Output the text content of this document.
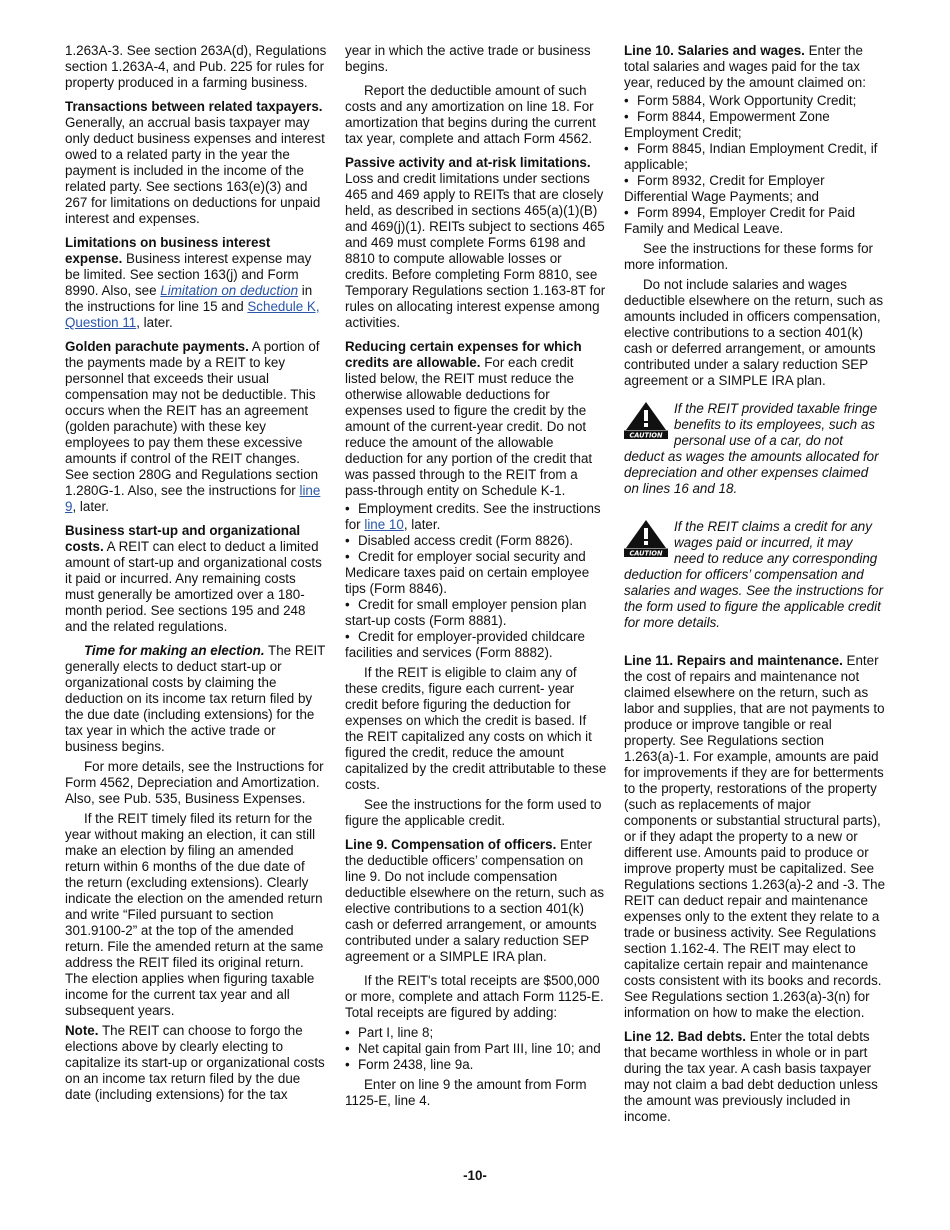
1.263A-3. See section 263A(d), Regulations section 1.263A-4, and Pub. 225 for rules for property produced in a farming business.

Transactions between related taxpayers. Generally, an accrual basis taxpayer may only deduct business expenses and interest owed to a related party in the year the payment is included in the income of the related party. See sections 163(e)(3) and 267 for limitations on deductions for unpaid interest and expenses.

Limitations on business interest expense. Business interest expense may be limited. See section 163(j) and Form 8990. Also, see Limitation on deduction in the instructions for line 15 and Schedule K, Question 11, later.

Golden parachute payments. A portion of the payments made by a REIT to key personnel that exceeds their usual compensation may not be deductible. This occurs when the REIT has an agreement (golden parachute) with these key employees to pay them these excessive amounts if control of the REIT changes. See section 280G and Regulations section 1.280G-1. Also, see the instructions for line 9, later.

Business start-up and organizational costs. A REIT can elect to deduct a limited amount of start-up and organizational costs it paid or incurred. Any remaining costs must generally be amortized over a 180-month period. See sections 195 and 248 and the related regulations.

Time for making an election. The REIT generally elects to deduct start-up or organizational costs by claiming the deduction on its income tax return filed by the due date (including extensions) for the tax year in which the active trade or business begins.

For more details, see the Instructions for Form 4562, Depreciation and Amortization. Also, see Pub. 535, Business Expenses.

If the REIT timely filed its return for the year without making an election, it can still make an election by filing an amended return within 6 months of the due date of the return (excluding extensions). Clearly indicate the election on the amended return and write “Filed pursuant to section 301.9100-2” at the top of the amended return. File the amended return at the same address the REIT filed its original return. The election applies when figuring taxable income for the current tax year and all subsequent years.

Note. The REIT can choose to forgo the elections above by clearly electing to capitalize its start-up or organizational costs on an income tax return filed by the due date (including extensions) for the tax

year in which the active trade or business begins.

Report the deductible amount of such costs and any amortization on line 18. For amortization that begins during the current tax year, complete and attach Form 4562.

Passive activity and at-risk limitations. Loss and credit limitations under sections 465 and 469 apply to REITs that are closely held, as described in sections 465(a)(1)(B) and 469(j)(1). REITs subject to sections 465 and 469 must complete Forms 6198 and 8810 to compute allowable losses or credits. Before completing Form 8810, see Temporary Regulations section 1.163-8T for rules on allocating interest expense among activities.

Reducing certain expenses for which credits are allowable. For each credit listed below, the REIT must reduce the otherwise allowable deductions for expenses used to figure the credit by the amount of the current-year credit. Do not reduce the amount of the allowable deduction for any portion of the credit that was passed through to the REIT from a pass-through entity on Schedule K-1.

• Employment credits. See the instructions for line 10, later.
• Disabled access credit (Form 8826).
• Credit for employer social security and Medicare taxes paid on certain employee tips (Form 8846).
• Credit for small employer pension plan start-up costs (Form 8881).
• Credit for employer-provided childcare facilities and services (Form 8882).

If the REIT is eligible to claim any of these credits, figure each current- year credit before figuring the deduction for expenses on which the credit is based. If the REIT capitalized any costs on which it figured the credit, reduce the amount capitalized by the credit attributable to these costs.

See the instructions for the form used to figure the applicable credit.

Line 9. Compensation of officers. Enter the deductible officers’ compensation on line 9. Do not include compensation deductible elsewhere on the return, such as elective contributions to a section 401(k) cash or deferred arrangement, or amounts contributed under a salary reduction SEP agreement or a SIMPLE IRA plan.

If the REIT's total receipts are $500,000 or more, complete and attach Form 1125-E. Total receipts are figured by adding:

• Part I, line 8;
• Net capital gain from Part III, line 10; and
• Form 2438, line 9a.

Enter on line 9 the amount from Form 1125-E, line 4.

Line 10. Salaries and wages. Enter the total salaries and wages paid for the tax year, reduced by the amount claimed on:

• Form 5884, Work Opportunity Credit;
• Form 8844, Empowerment Zone Employment Credit;
• Form 8845, Indian Employment Credit, if applicable;
• Form 8932, Credit for Employer Differential Wage Payments; and
• Form 8994, Employer Credit for Paid Family and Medical Leave.

See the instructions for these forms for more information.

Do not include salaries and wages deductible elsewhere on the return, such as amounts included in officers compensation, elective contributions to a section 401(k) cash or deferred arrangement, or amounts contributed under a salary reduction SEP agreement or a SIMPLE IRA plan.

CAUTION
If the REIT provided taxable fringe benefits to its employees, such as personal use of a car, do not deduct as wages the amounts allocated for depreciation and other expenses claimed on lines 16 and 18.
CAUTION
If the REIT claims a credit for any wages paid or incurred, it may need to reduce any corresponding deduction for officers’ compensation and salaries and wages. See the instructions for the form used to figure the applicable credit for more details.

Line 11. Repairs and maintenance. Enter the cost of repairs and maintenance not claimed elsewhere on the return, such as labor and supplies, that are not payments to produce or improve tangible or real property. See Regulations section 1.263(a)-1. For example, amounts are paid for improvements if they are for betterments to the property, restorations of the property (such as replacements of major components or substantial structural parts), or if they adapt the property to a new or different use. Amounts paid to produce or improve property must be capitalized. See Regulations sections 1.263(a)-2 and -3. The REIT can deduct repair and maintenance expenses only to the extent they relate to a trade or business activity. See Regulations section 1.162-4. The REIT may elect to capitalize certain repair and maintenance costs consistent with its books and records. See Regulations section 1.263(a)-3(n) for information on how to make the election.

Line 12. Bad debts. Enter the total debts that became worthless in whole or in part during the tax year. A cash basis taxpayer may not claim a bad debt deduction unless the amount was previously included in income.

-10-
